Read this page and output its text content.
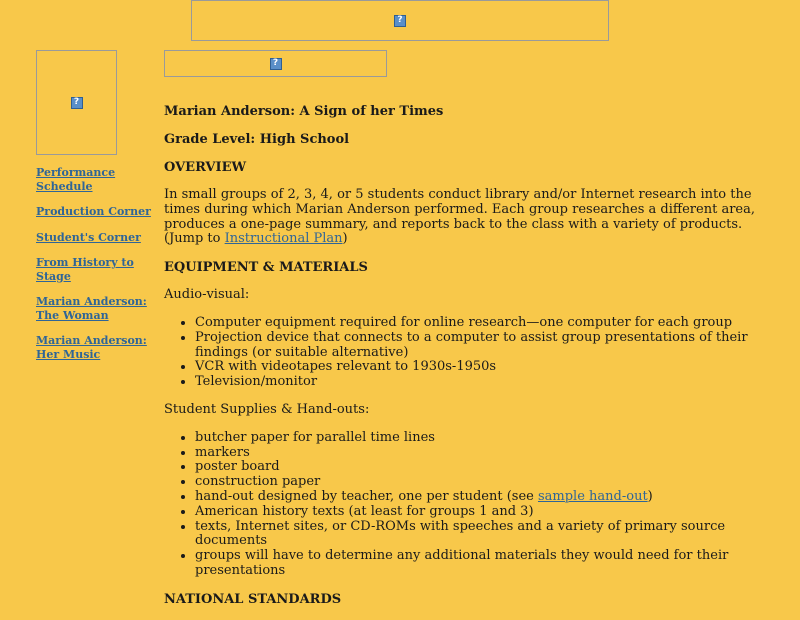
?
?
?
Performance Schedule
Production Corner
Student's Corner
From History to Stage
Marian Anderson: The Woman
Marian Anderson: Her Music
Marian Anderson: A Sign of her Times
Grade Level: High School
OVERVIEW

In small groups of 2, 3, 4, or 5 students conduct library and/or Internet research into the times during which Marian Anderson performed. Each group researches a different area, produces a one-page summary, and reports back to the class with a variety of products. (Jump to Instructional Plan)

EQUIPMENT & MATERIALS

Audio-visual:

• Computer equipment required for online research—one computer for each group
• Projection device that connects to a computer to assist group presentations of their findings (or suitable alternative)
• VCR with videotapes relevant to 1930s-1950s
• Television/monitor

Student Supplies & Hand-outs:

• butcher paper for parallel time lines
• markers
• poster board
• construction paper
• hand-out designed by teacher, one per student (see sample hand-out)
• American history texts (at least for groups 1 and 3)
• texts, Internet sites, or CD-ROMs with speeches and a variety of primary source documents
• groups will have to determine any additional materials they would need for their presentations
NATIONAL STANDARDS
